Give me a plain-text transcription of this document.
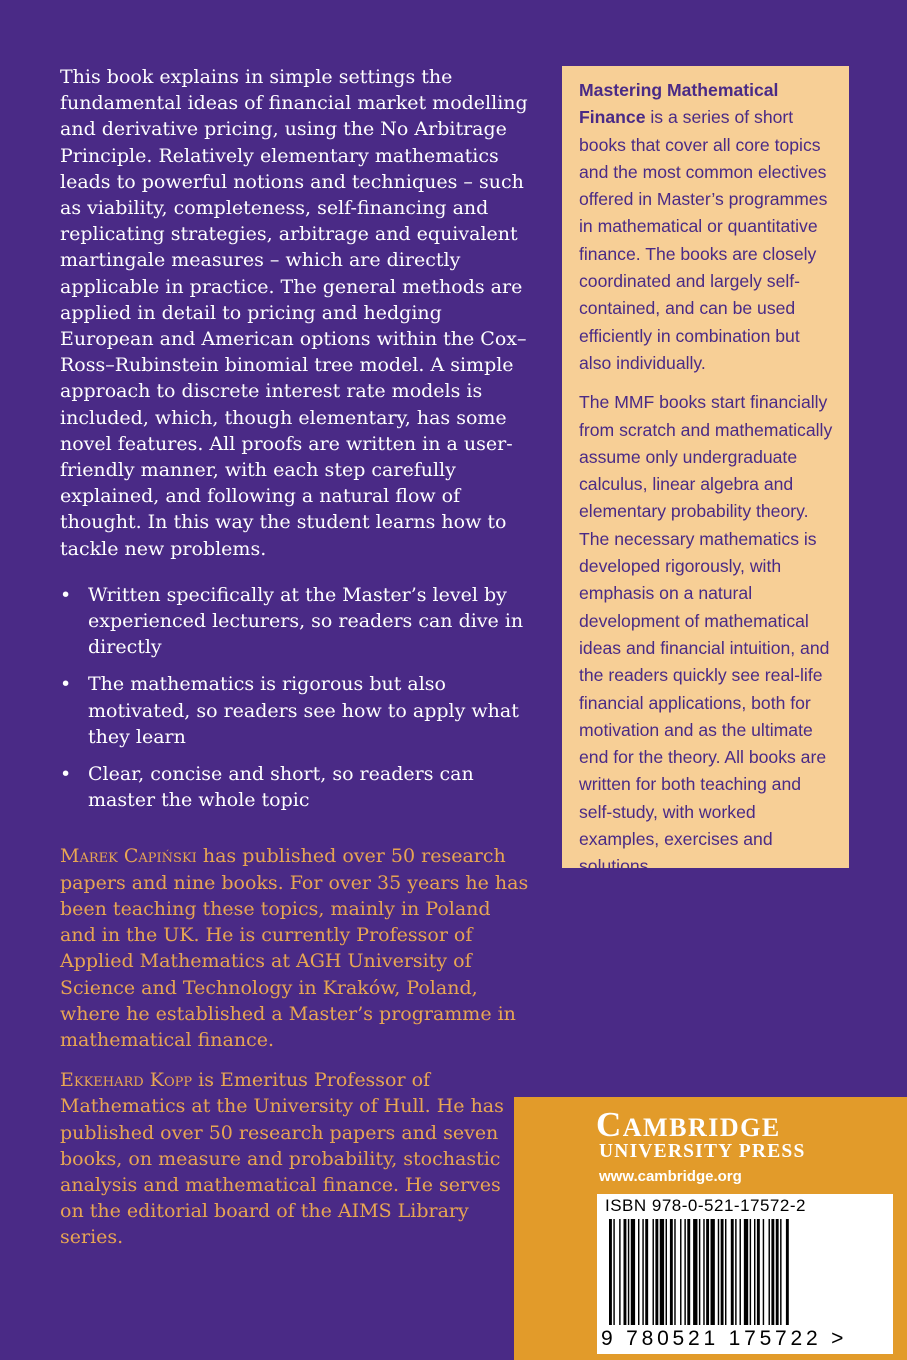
This book explains in simple settings the fundamental ideas of financial market modelling and derivative pricing, using the No Arbitrage Principle. Relatively elementary mathematics leads to powerful notions and techniques – such as viability, completeness, self-financing and replicating strategies, arbitrage and equivalent martingale measures – which are directly applicable in practice. The general methods are applied in detail to pricing and hedging European and American options within the Cox–Ross–Rubinstein binomial tree model. A simple approach to discrete interest rate models is included, which, though elementary, has some novel features. All proofs are written in a user-friendly manner, with each step carefully explained, and following a natural flow of thought. In this way the student learns how to tackle new problems.

• Written specifically at the Master’s level by experienced lecturers, so readers can dive in directly
• The mathematics is rigorous but also motivated, so readers see how to apply what they learn
• Clear, concise and short, so readers can master the whole topic

Marek Capiński has published over 50 research papers and nine books. For over 35 years he has been teaching these topics, mainly in Poland and in the UK. He is currently Professor of Applied Mathematics at AGH University of Science and Technology in Kraków, Poland, where he established a Master’s programme in mathematical finance.

Ekkehard Kopp is Emeritus Professor of Mathematics at the University of Hull. He has published over 50 research papers and seven books, on measure and probability, stochastic analysis and mathematical finance. He serves on the editorial board of the AIMS Library series.

Mastering Mathematical Finance is a series of short books that cover all core topics and the most common electives offered in Master’s programmes in mathematical or quantitative finance. The books are closely coordinated and largely self-contained, and can be used efficiently in combination but also individually.

The MMF books start financially from scratch and mathematically assume only undergraduate calculus, linear algebra and elementary probability theory. The necessary mathematics is developed rigorously, with emphasis on a natural development of mathematical ideas and financial intuition, and the readers quickly see real-life financial applications, both for motivation and as the ultimate end for the theory. All books are written for both teaching and self-study, with worked examples, exercises and solutions.

CAMBRIDGE
UNIVERSITY PRESS
www.cambridge.org
ISBN 978-0-521-17572-2
9 780521 175722 >
